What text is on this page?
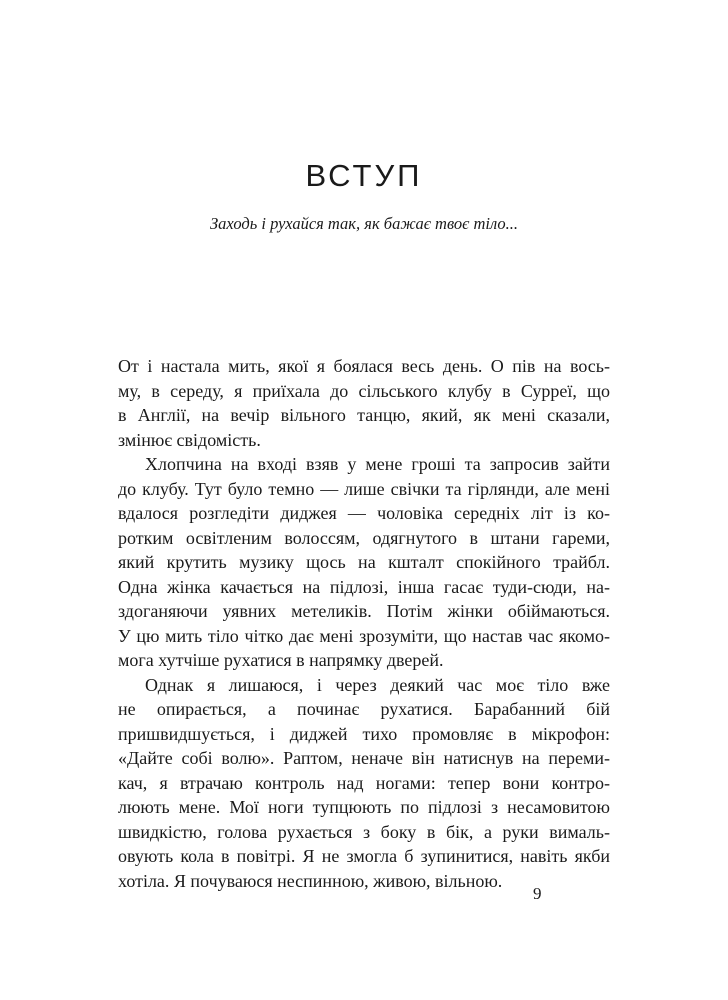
ВСТУП

Заходь і рухайся так, як бажає твоє тіло...

От і настала мить, якої я боялася весь день. О пів на вось-
му, в середу, я приїхала до сільського клубу в Сурреї, що
в Англії, на вечір вільного танцю, який, як мені сказали,
змінює свідомість.
Хлопчина на вході взяв у мене гроші та запросив зайти
до клубу. Тут було темно — лише свічки та гірлянди, але мені
вдалося розгледіти диджея — чоловіка середніх літ із ко-
ротким освітленим волоссям, одягнутого в штани гареми,
який крутить музику щось на кшталт спокійного трайбл.
Одна жінка качається на підлозі, інша гасає туди-сюди, на-
здоганяючи уявних метеликів. Потім жінки обіймаються.
У цю мить тіло чітко дає мені зрозуміти, що настав час якомо-
мога хутчіше рухатися в напрямку дверей.
Однак я лишаюся, і через деякий час моє тіло вже
не опирається, а починає рухатися. Барабанний бій
пришвидшується, і диджей тихо промовляє в мікрофон:
«Дайте собі волю». Раптом, неначе він натиснув на переми-
кач, я втрачаю контроль над ногами: тепер вони контро-
люють мене. Мої ноги тупцюють по підлозі з несамовитою
швидкістю, голова рухається з боку в бік, а руки вималь-
овують кола в повітрі. Я не змогла б зупинитися, навіть якби
хотіла. Я почуваюся неспинною, живою, вільною.
9
